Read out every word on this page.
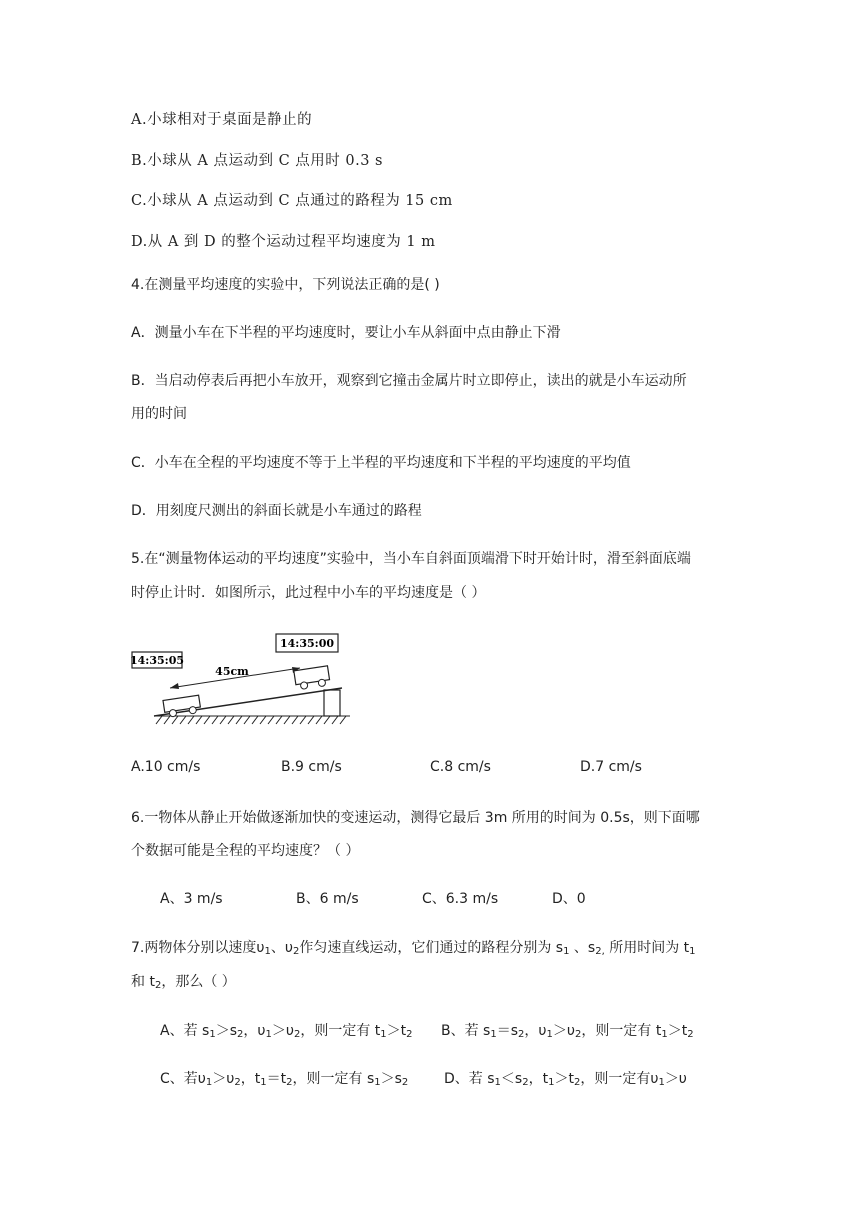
A.小球相对于桌面是静止的
B.小球从 A 点运动到 C 点用时 0.3 s
C.小球从 A 点运动到 C 点通过的路程为 15 cm
D.从 A 到 D 的整个运动过程平均速度为 1 m
4.在测量平均速度的实验中，下列说法正确的是( )
A．测量小车在下半程的平均速度时，要让小车从斜面中点由静止下滑
B．当启动停表后再把小车放开，观察到它撞击金属片时立即停止，读出的就是小车运动所
用的时间
C．小车在全程的平均速度不等于上半程的平均速度和下半程的平均速度的平均值
D．用刻度尺测出的斜面长就是小车通过的路程
5.在“测量物体运动的平均速度”实验中，当小车自斜面顶端滑下时开始计时，滑至斜面底端
时停止计时．如图所示，此过程中小车的平均速度是（ ）
14:35:05
14:35:00
45cm
A.10 cm/s	B.9 cm/s	C.8 cm/s	D.7 cm/s
6.一物体从静止开始做逐渐加快的变速运动，测得它最后 3m 所用的时间为 0.5s，则下面哪
个数据可能是全程的平均速度？（ ）
A、3 m/s	B、6 m/s	C、6.3 m/s	D、0
7.两物体分别以速度$\upsilon_1$、$\upsilon_2$作匀速直线运动，它们通过的路程分别为 $s_1$ 、$s_{2,}$ 所用时间为 $t_1$
和 $t_2$，那么（ ）
A、若 $s_1>s_2$，$\upsilon_1>\upsilon_2$，则一定有 $t_1>t_2$ B、若 $s_1=s_2$，$\upsilon_1>\upsilon_2$，则一定有 $t_1>t_2$
C、若$\upsilon_1>\upsilon_2$，$t_1=t_2$，则一定有 $s_1>s_2$	D、若 $s_1<s_2$，$t_1>t_2$，则一定有$\upsilon_1>\upsilon$
